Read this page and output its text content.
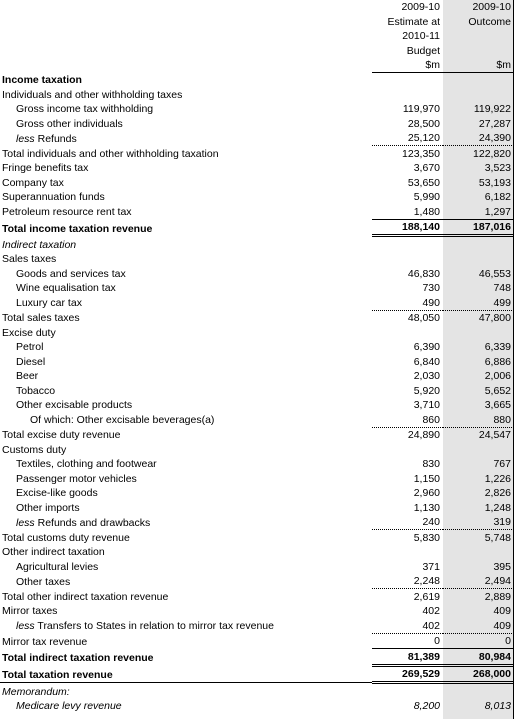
	2009-10	2009-10
	Estimate at	Outcome
	2010-11	
	Budget	
	$m	$m
Income taxation		
Individuals and other withholding taxes		
Gross income tax withholding	119,970	119,922
Gross other individuals	28,500	27,287
less Refunds	25,120	24,390
Total individuals and other withholding taxation	123,350	122,820
Fringe benefits tax	3,670	3,523
Company tax	53,650	53,193
Superannuation funds	5,990	6,182
Petroleum resource rent tax	1,480	1,297
Total income taxation revenue	188,140	187,016
Indirect taxation		
Sales taxes		
Goods and services tax	46,830	46,553
Wine equalisation tax	730	748
Luxury car tax	490	499
Total sales taxes	48,050	47,800
Excise duty		
Petrol	6,390	6,339
Diesel	6,840	6,886
Beer	2,030	2,006
Tobacco	5,920	5,652
Other excisable products	3,710	3,665
Of which: Other excisable beverages(a)	860	880
Total excise duty revenue	24,890	24,547
Customs duty		
Textiles, clothing and footwear	830	767
Passenger motor vehicles	1,150	1,226
Excise-like goods	2,960	2,826
Other imports	1,130	1,248
less Refunds and drawbacks	240	319
Total customs duty revenue	5,830	5,748
Other indirect taxation		
Agricultural levies	371	395
Other taxes	2,248	2,494
Total other indirect taxation revenue	2,619	2,889
Mirror taxes	402	409
less Transfers to States in relation to mirror tax revenue	402	409
Mirror tax revenue	0	0
Total indirect taxation revenue	81,389	80,984
Total taxation revenue	269,529	268,000
Memorandum:		
Medicare levy revenue	8,200	8,013
